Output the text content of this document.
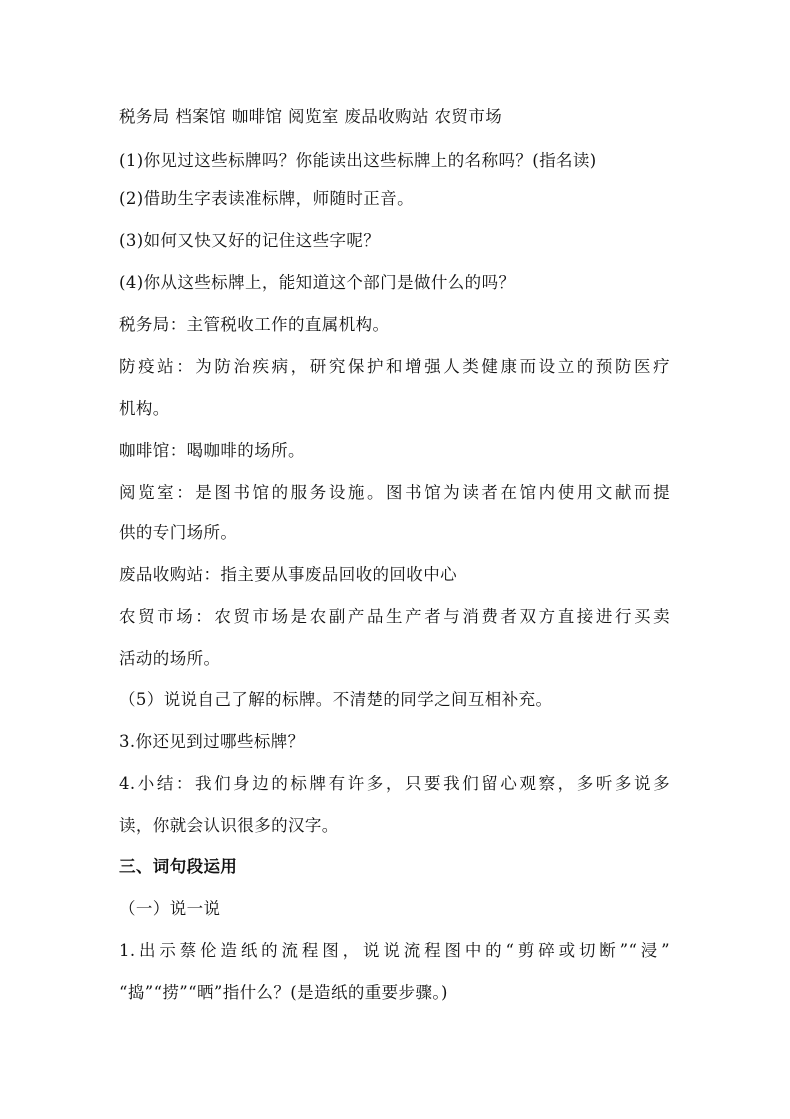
税务局 档案馆 咖啡馆 阅览室 废品收购站 农贸市场
(1)你见过这些标牌吗？你能读出这些标牌上的名称吗？(指名读)
(2)借助生字表读准标牌，师随时正音。
(3)如何又快又好的记住这些字呢？
(4)你从这些标牌上，能知道这个部门是做什么的吗？
税务局：主管税收工作的直属机构。
防疫站：为防治疾病，研究保护和增强人类健康而设立的预防医疗
机构。
咖啡馆：喝咖啡的场所。
阅览室：是图书馆的服务设施。图书馆为读者在馆内使用文献而提
供的专门场所。
废品收购站：指主要从事废品回收的回收中心
农贸市场：农贸市场是农副产品生产者与消费者双方直接进行买卖
活动的场所。
（5）说说自己了解的标牌。不清楚的同学之间互相补充。
3.你还见到过哪些标牌？
4.小结：我们身边的标牌有许多，只要我们留心观察，多听多说多
读，你就会认识很多的汉字。
三、词句段运用
（一）说一说
1.出示蔡伦造纸的流程图，说说流程图中的“剪碎或切断”“浸”
“捣”“捞”“晒”指什么？(是造纸的重要步骤。)
